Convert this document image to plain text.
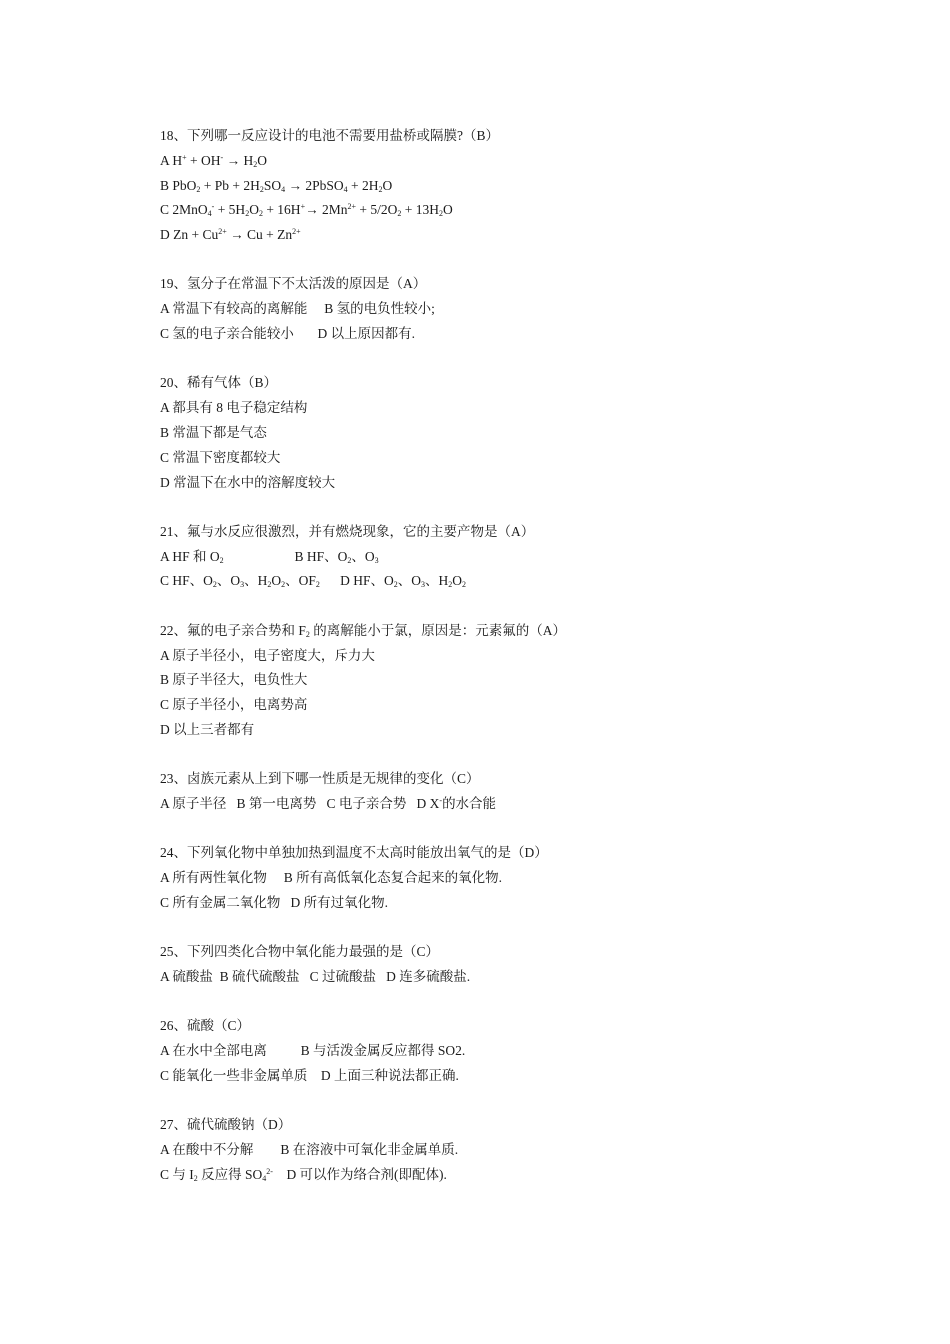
18、下列哪一反应设计的电池不需要用盐桥或隔膜?（B）
A $H^+ + OH^- \to H_2O$
B $PbO_2 + Pb + 2H_2SO_4$ → 2PbSO$_4$ + $2H_2O$
C $2MnO_4^- + 5H_2O_2 + 16H^+\to 2Mn^{2+} + 5/2O_2 + 13H_2O$
D $Zn + Cu^{2+} \to Cu + Zn^{2+}$
19、氢分子在常温下不太活泼的原因是（A）
A 常温下有较高的离解能     B 氢的电负性较小;
C 氢的电子亲合能较小       D 以上原因都有.
20、稀有气体（B）
A 都具有 8 电子稳定结构
B 常温下都是气态
C 常温下密度都较大
D 常温下在水中的溶解度较大
21、氟与水反应很激烈，并有燃烧现象，它的主要产物是（A）
A HF 和 $O_2$                     B HF、$O_2$、$O_3$
C HF、$O_2$、$O_3$、$H_2O_2$、$OF_2$      D HF、$O_2$、$O_3$、$H_2O_2$
22、氟的电子亲合势和 $F_2$ 的离解能小于氯，原因是：元素氟的（A）
A 原子半径小，电子密度大，斥力大
B 原子半径大，电负性大
C 原子半径小，电离势高
D 以上三者都有
23、卤族元素从上到下哪一性质是无规律的变化（C）
A 原子半径   B 第一电离势   C 电子亲合势   D X-的水合能
24、下列氧化物中单独加热到温度不太高时能放出氧气的是（D）
A 所有两性氧化物     B 所有高低氧化态复合起来的氧化物.
C 所有金属二氧化物   D 所有过氧化物.
25、下列四类化合物中氧化能力最强的是（C）
A 硫酸盐  B 硫代硫酸盐   C 过硫酸盐   D 连多硫酸盐.
26、硫酸（C）
A 在水中全部电离          B 与活泼金属反应都得 SO2.
C 能氧化一些非金属单质    D 上面三种说法都正确.
27、硫代硫酸钠（D）
A 在酸中不分解        B 在溶液中可氧化非金属单质.
C 与 $I_2$ 反应得 $SO_4^{2-}$    D 可以作为络合剂(即配体).
